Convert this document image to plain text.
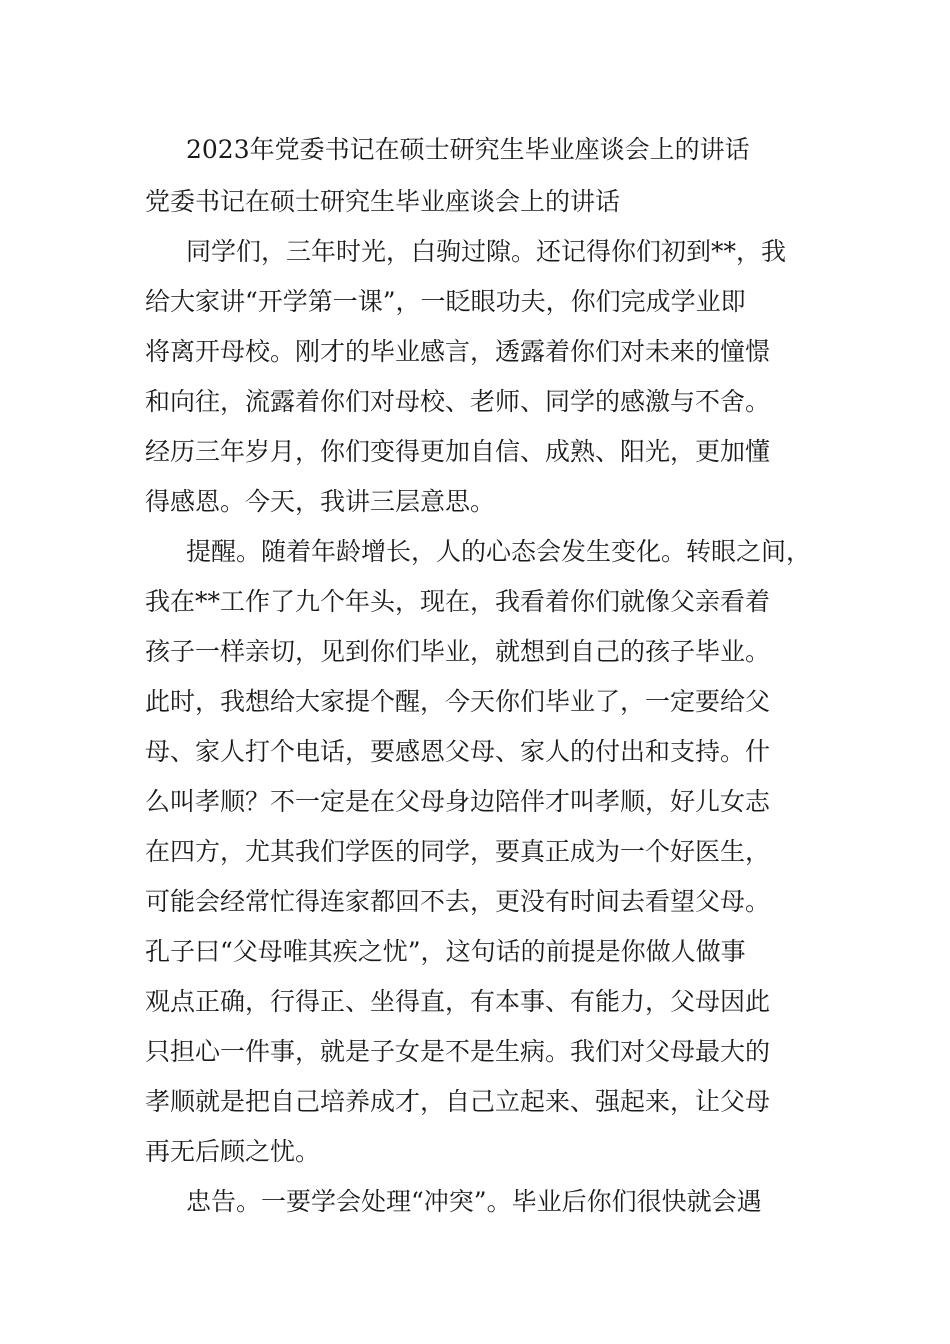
2023年党委书记在硕士研究生毕业座谈会上的讲话
党委书记在硕士研究生毕业座谈会上的讲话
同学们，三年时光，白驹过隙。还记得你们初到**，我
给大家讲“开学第一课”，一眨眼功夫，你们完成学业即
将离开母校。刚才的毕业感言，透露着你们对未来的憧憬
和向往，流露着你们对母校、老师、同学的感激与不舍。
经历三年岁月，你们变得更加自信、成熟、阳光，更加懂
得感恩。今天，我讲三层意思。
提醒。随着年龄增长，人的心态会发生变化。转眼之间，
我在**工作了九个年头，现在，我看着你们就像父亲看着
孩子一样亲切，见到你们毕业，就想到自己的孩子毕业。
此时，我想给大家提个醒，今天你们毕业了，一定要给父
母、家人打个电话，要感恩父母、家人的付出和支持。什
么叫孝顺？不一定是在父母身边陪伴才叫孝顺，好儿女志
在四方，尤其我们学医的同学，要真正成为一个好医生，
可能会经常忙得连家都回不去，更没有时间去看望父母。
孔子曰“父母唯其疾之忧”，这句话的前提是你做人做事
观点正确，行得正、坐得直，有本事、有能力，父母因此
只担心一件事，就是子女是不是生病。我们对父母最大的
孝顺就是把自己培养成才，自己立起来、强起来，让父母
再无后顾之忧。
忠告。一要学会处理“冲突”。毕业后你们很快就会遇
